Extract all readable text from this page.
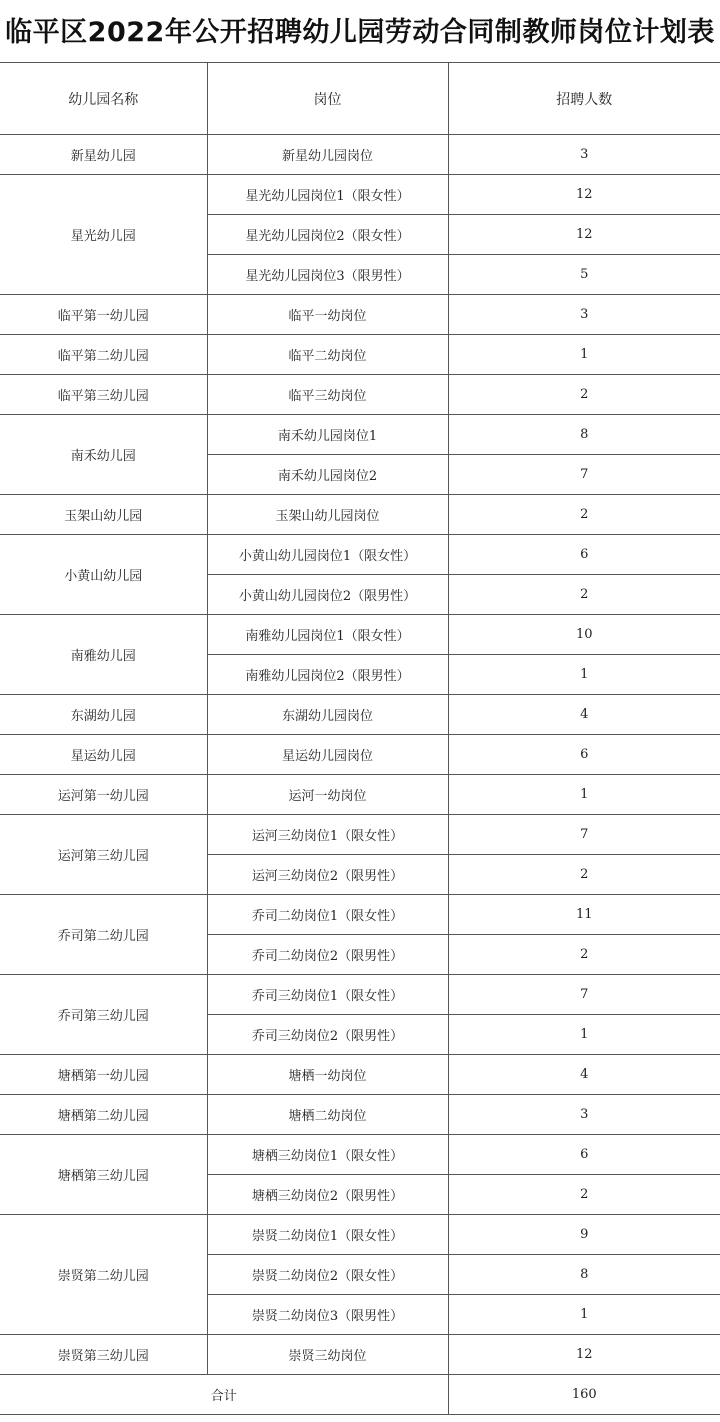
临平区2022年公开招聘幼儿园劳动合同制教师岗位计划表
幼儿园名称	岗位	招聘人数
新星幼儿园	新星幼儿园岗位	3
星光幼儿园	星光幼儿园岗位1（限女性）	12
	星光幼儿园岗位2（限女性）	12
	星光幼儿园岗位3（限男性）	5
临平第一幼儿园	临平一幼岗位	3
临平第二幼儿园	临平二幼岗位	1
临平第三幼儿园	临平三幼岗位	2
南禾幼儿园	南禾幼儿园岗位1	8
	南禾幼儿园岗位2	7
玉架山幼儿园	玉架山幼儿园岗位	2
小黄山幼儿园	小黄山幼儿园岗位1（限女性）	6
	小黄山幼儿园岗位2（限男性）	2
南雅幼儿园	南雅幼儿园岗位1（限女性）	10
	南雅幼儿园岗位2（限男性）	1
东湖幼儿园	东湖幼儿园岗位	4
星运幼儿园	星运幼儿园岗位	6
运河第一幼儿园	运河一幼岗位	1
运河第三幼儿园	运河三幼岗位1（限女性）	7
	运河三幼岗位2（限男性）	2
乔司第二幼儿园	乔司二幼岗位1（限女性）	11
	乔司二幼岗位2（限男性）	2
乔司第三幼儿园	乔司三幼岗位1（限女性）	7
	乔司三幼岗位2（限男性）	1
塘栖第一幼儿园	塘栖一幼岗位	4
塘栖第二幼儿园	塘栖二幼岗位	3
塘栖第三幼儿园	塘栖三幼岗位1（限女性）	6
	塘栖三幼岗位2（限男性）	2
崇贤第二幼儿园	崇贤二幼岗位1（限女性）	9
	崇贤二幼岗位2（限女性）	8
	崇贤二幼岗位3（限男性）	1
崇贤第三幼儿园	崇贤三幼岗位	12
合计		160
